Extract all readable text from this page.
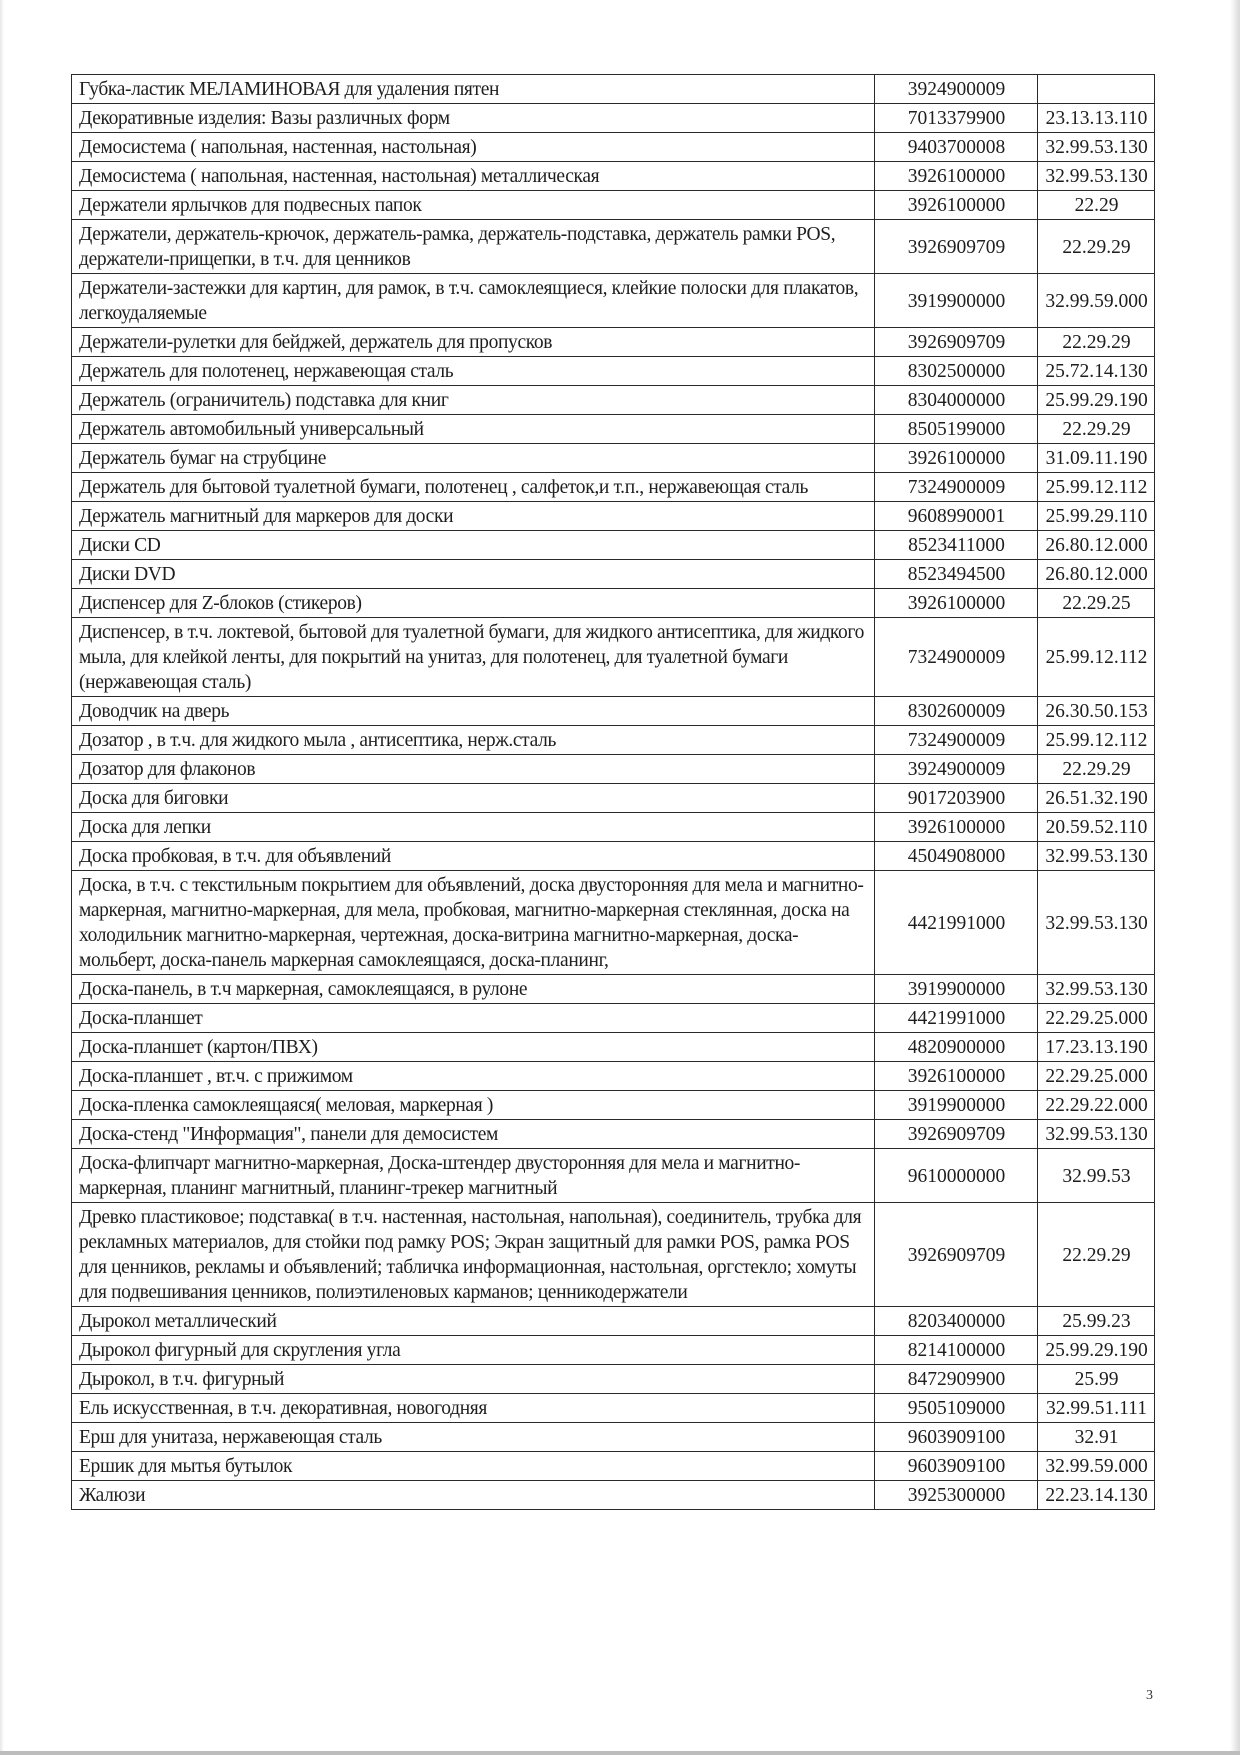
Губка-ластик МЕЛАМИНОВАЯ для удаления пятен	3924900009	
Декоративные изделия: Вазы различных форм	7013379900	23.13.13.110
Демосистема ( напольная, настенная, настольная)	9403700008	32.99.53.130
Демосистема ( напольная, настенная, настольная) металлическая	3926100000	32.99.53.130
Держатели ярлычков для подвесных папок	3926100000	22.29
Держатели, держатель-крючок, держатель-рамка, держатель-подставка, держатель рамки POS, держатели-прищепки, в т.ч. для ценников	3926909709	22.29.29
Держатели-застежки для картин, для рамок, в т.ч. самоклеящиеся, клейкие полоски для плакатов, легкоудаляемые	3919900000	32.99.59.000
Держатели-рулетки для бейджей, держатель для пропусков	3926909709	22.29.29
Держатель для полотенец, нержавеющая сталь	8302500000	25.72.14.130
Держатель (ограничитель) подставка для книг	8304000000	25.99.29.190
Держатель автомобильный универсальный	8505199000	22.29.29
Держатель бумаг на струбцине	3926100000	31.09.11.190
Держатель для бытовой туалетной бумаги, полотенец , салфеток,и т.п., нержавеющая сталь	7324900009	25.99.12.112
Держатель магнитный для маркеров для доски	9608990001	25.99.29.110
Диски CD	8523411000	26.80.12.000
Диски DVD	8523494500	26.80.12.000
Диспенсер для Z-блоков (стикеров)	3926100000	22.29.25
Диспенсер, в т.ч. локтевой, бытовой для туалетной бумаги, для жидкого антисептика, для жидкого мыла, для клейкой ленты, для покрытий на унитаз, для полотенец, для туалетной бумаги (нержавеющая сталь)	7324900009	25.99.12.112
Доводчик на дверь	8302600009	26.30.50.153
Дозатор , в т.ч. для жидкого мыла , антисептика, нерж.сталь	7324900009	25.99.12.112
Дозатор для флаконов	3924900009	22.29.29
Доска для биговки	9017203900	26.51.32.190
Доска для лепки	3926100000	20.59.52.110
Доска пробковая, в т.ч. для объявлений	4504908000	32.99.53.130
Доска, в т.ч. с текстильным покрытием для объявлений, доска двусторонняя для мела и магнитно-маркерная, магнитно-маркерная, для мела, пробковая, магнитно-маркерная стеклянная, доска на холодильник магнитно-маркерная, чертежная, доска-витрина магнитно-маркерная, доска-мольберт, доска-панель маркерная самоклеящаяся, доска-планинг,	4421991000	32.99.53.130
Доска-панель, в т.ч маркерная, самоклеящаяся, в рулоне	3919900000	32.99.53.130
Доска-планшет	4421991000	22.29.25.000
Доска-планшет (картон/ПВХ)	4820900000	17.23.13.190
Доска-планшет , вт.ч. с прижимом	3926100000	22.29.25.000
Доска-пленка самоклеящаяся( меловая, маркерная )	3919900000	22.29.22.000
Доска-стенд "Информация", панели для демосистем	3926909709	32.99.53.130
Доска-флипчарт магнитно-маркерная, Доска-штендер двусторонняя для мела и магнитно-маркерная, планинг магнитный, планинг-трекер магнитный	9610000000	32.99.53
Древко пластиковое; подставка( в т.ч. настенная, настольная, напольная), соединитель, трубка для рекламных материалов, для стойки под рамку POS; Экран защитный для рамки POS, рамка POS для ценников, рекламы и объявлений; табличка информационная, настольная, оргстекло; хомуты для подвешивания ценников, полиэтиленовых карманов; ценникодержатели	3926909709	22.29.29
Дырокол металлический	8203400000	25.99.23
Дырокол фигурный для скругления угла	8214100000	25.99.29.190
Дырокол, в т.ч. фигурный	8472909900	25.99
Ель искусственная, в т.ч. декоративная, новогодняя	9505109000	32.99.51.111
Ерш для унитаза, нержавеющая сталь	9603909100	32.91
Ершик для мытья бутылок	9603909100	32.99.59.000
Жалюзи	3925300000	22.23.14.130
3
